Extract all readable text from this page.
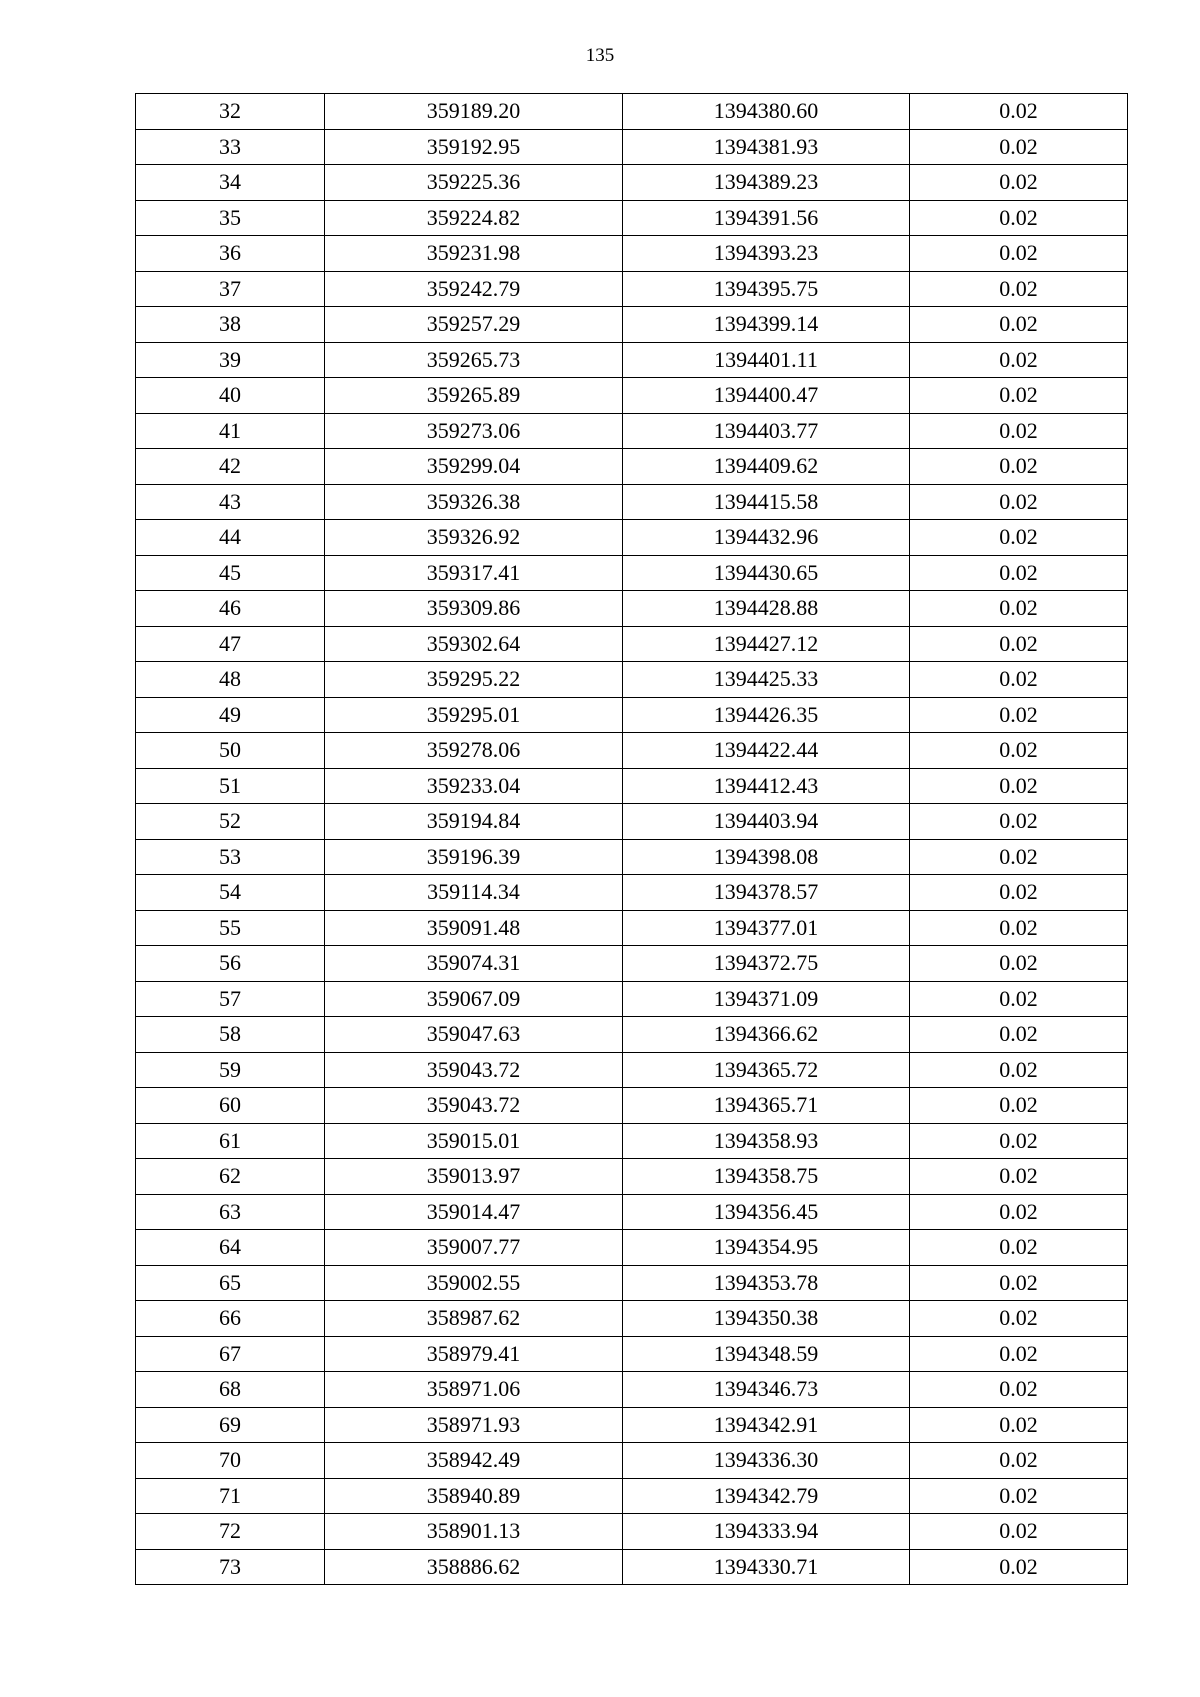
135
32	359189.20	1394380.60	0.02
33	359192.95	1394381.93	0.02
34	359225.36	1394389.23	0.02
35	359224.82	1394391.56	0.02
36	359231.98	1394393.23	0.02
37	359242.79	1394395.75	0.02
38	359257.29	1394399.14	0.02
39	359265.73	1394401.11	0.02
40	359265.89	1394400.47	0.02
41	359273.06	1394403.77	0.02
42	359299.04	1394409.62	0.02
43	359326.38	1394415.58	0.02
44	359326.92	1394432.96	0.02
45	359317.41	1394430.65	0.02
46	359309.86	1394428.88	0.02
47	359302.64	1394427.12	0.02
48	359295.22	1394425.33	0.02
49	359295.01	1394426.35	0.02
50	359278.06	1394422.44	0.02
51	359233.04	1394412.43	0.02
52	359194.84	1394403.94	0.02
53	359196.39	1394398.08	0.02
54	359114.34	1394378.57	0.02
55	359091.48	1394377.01	0.02
56	359074.31	1394372.75	0.02
57	359067.09	1394371.09	0.02
58	359047.63	1394366.62	0.02
59	359043.72	1394365.72	0.02
60	359043.72	1394365.71	0.02
61	359015.01	1394358.93	0.02
62	359013.97	1394358.75	0.02
63	359014.47	1394356.45	0.02
64	359007.77	1394354.95	0.02
65	359002.55	1394353.78	0.02
66	358987.62	1394350.38	0.02
67	358979.41	1394348.59	0.02
68	358971.06	1394346.73	0.02
69	358971.93	1394342.91	0.02
70	358942.49	1394336.30	0.02
71	358940.89	1394342.79	0.02
72	358901.13	1394333.94	0.02
73	358886.62	1394330.71	0.02
